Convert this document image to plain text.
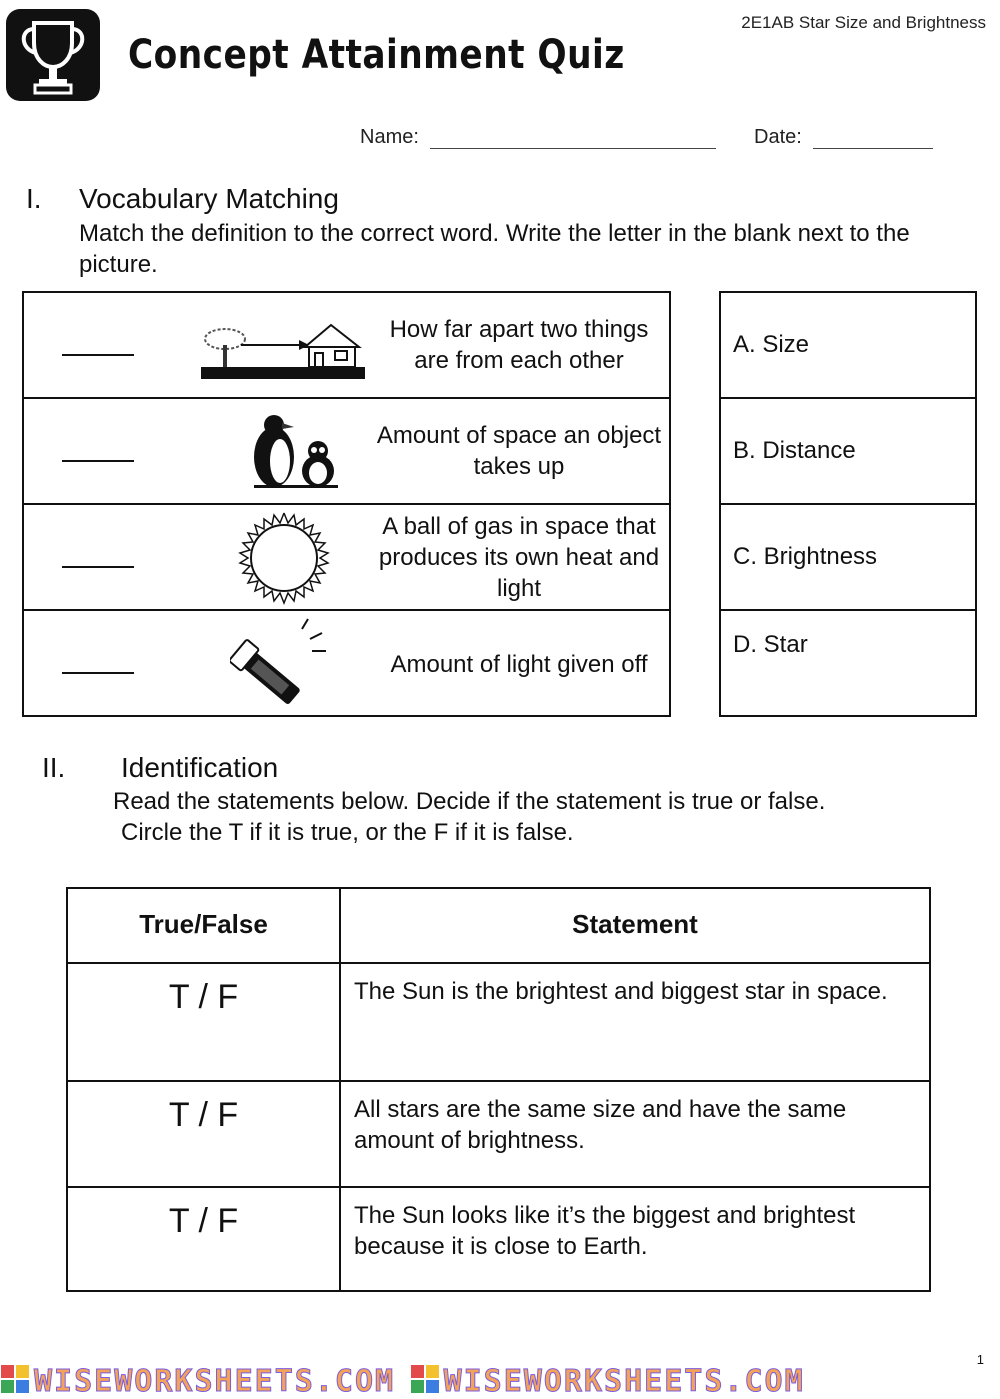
Concept Attainment Quiz
2E1AB Star Size and Brightness
Name:	Date:
I. Vocabulary Matching
Match the definition to the correct word. Write the letter in the blank next to the picture.
How far apart two things are from each other
Amount of space an object takes up
A ball of gas in space that produces its own heat and light
Amount of light given off
A. Size
B. Distance
C. Brightness
D. Star
II. Identification
Read the statements below. Decide if the statement is true or false.
Circle the T if it is true, or the F if it is false.
True/False	Statement
T / F	The Sun is the brightest and biggest star in space.
T / F	All stars are the same size and have the same amount of brightness.
T / F	The Sun looks like it’s the biggest and brightest because it is close to Earth.
1
WISEWORKSHEETS.COM WISEWORKSHEETS.COM
